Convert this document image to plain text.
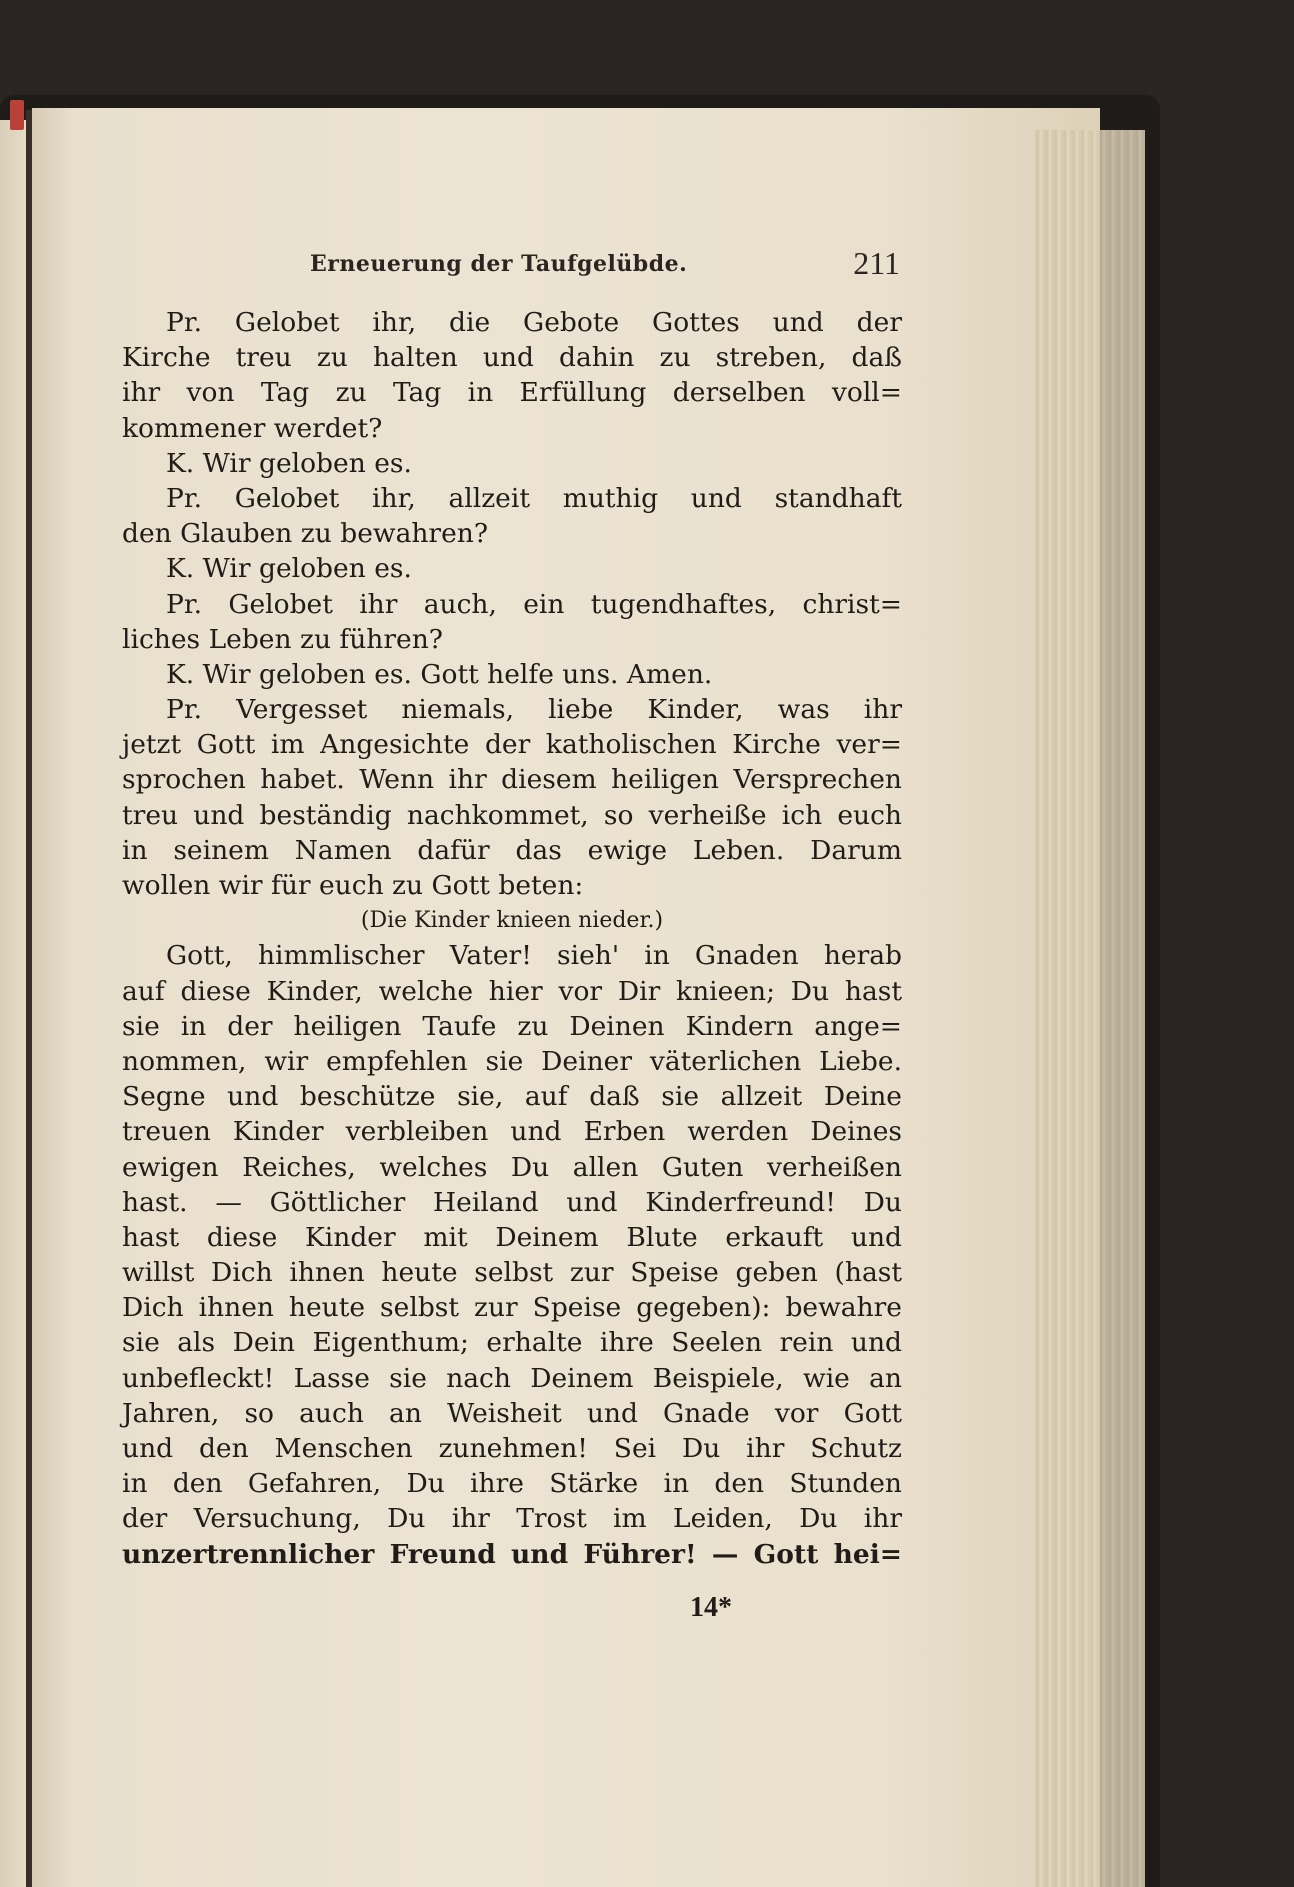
Erneuerung der Taufgelübde.	211
Pr. Gelobet ihr, die Gebote Gottes und der
Kirche treu zu halten und dahin zu streben, daß
ihr von Tag zu Tag in Erfüllung derselben voll=
kommener werdet?
K. Wir geloben es.
Pr. Gelobet ihr, allzeit muthig und standhaft
den Glauben zu bewahren?
K. Wir geloben es.
Pr. Gelobet ihr auch, ein tugendhaftes, christ=
liches Leben zu führen?
K. Wir geloben es. Gott helfe uns. Amen.
Pr. Vergesset niemals, liebe Kinder, was ihr
jetzt Gott im Angesichte der katholischen Kirche ver=
sprochen habet. Wenn ihr diesem heiligen Versprechen
treu und beständig nachkommet, so verheiße ich euch
in seinem Namen dafür das ewige Leben. Darum
wollen wir für euch zu Gott beten:
(Die Kinder knieen nieder.)
Gott, himmlischer Vater! sieh' in Gnaden herab
auf diese Kinder, welche hier vor Dir knieen; Du hast
sie in der heiligen Taufe zu Deinen Kindern ange=
nommen, wir empfehlen sie Deiner väterlichen Liebe.
Segne und beschütze sie, auf daß sie allzeit Deine
treuen Kinder verbleiben und Erben werden Deines
ewigen Reiches, welches Du allen Guten verheißen
hast. — Göttlicher Heiland und Kinderfreund! Du
hast diese Kinder mit Deinem Blute erkauft und
willst Dich ihnen heute selbst zur Speise geben (hast
Dich ihnen heute selbst zur Speise gegeben): bewahre
sie als Dein Eigenthum; erhalte ihre Seelen rein und
unbefleckt! Lasse sie nach Deinem Beispiele, wie an
Jahren, so auch an Weisheit und Gnade vor Gott
und den Menschen zunehmen! Sei Du ihr Schutz
in den Gefahren, Du ihre Stärke in den Stunden
der Versuchung, Du ihr Trost im Leiden, Du ihr
unzertrennlicher Freund und Führer! — Gott hei=
14*
